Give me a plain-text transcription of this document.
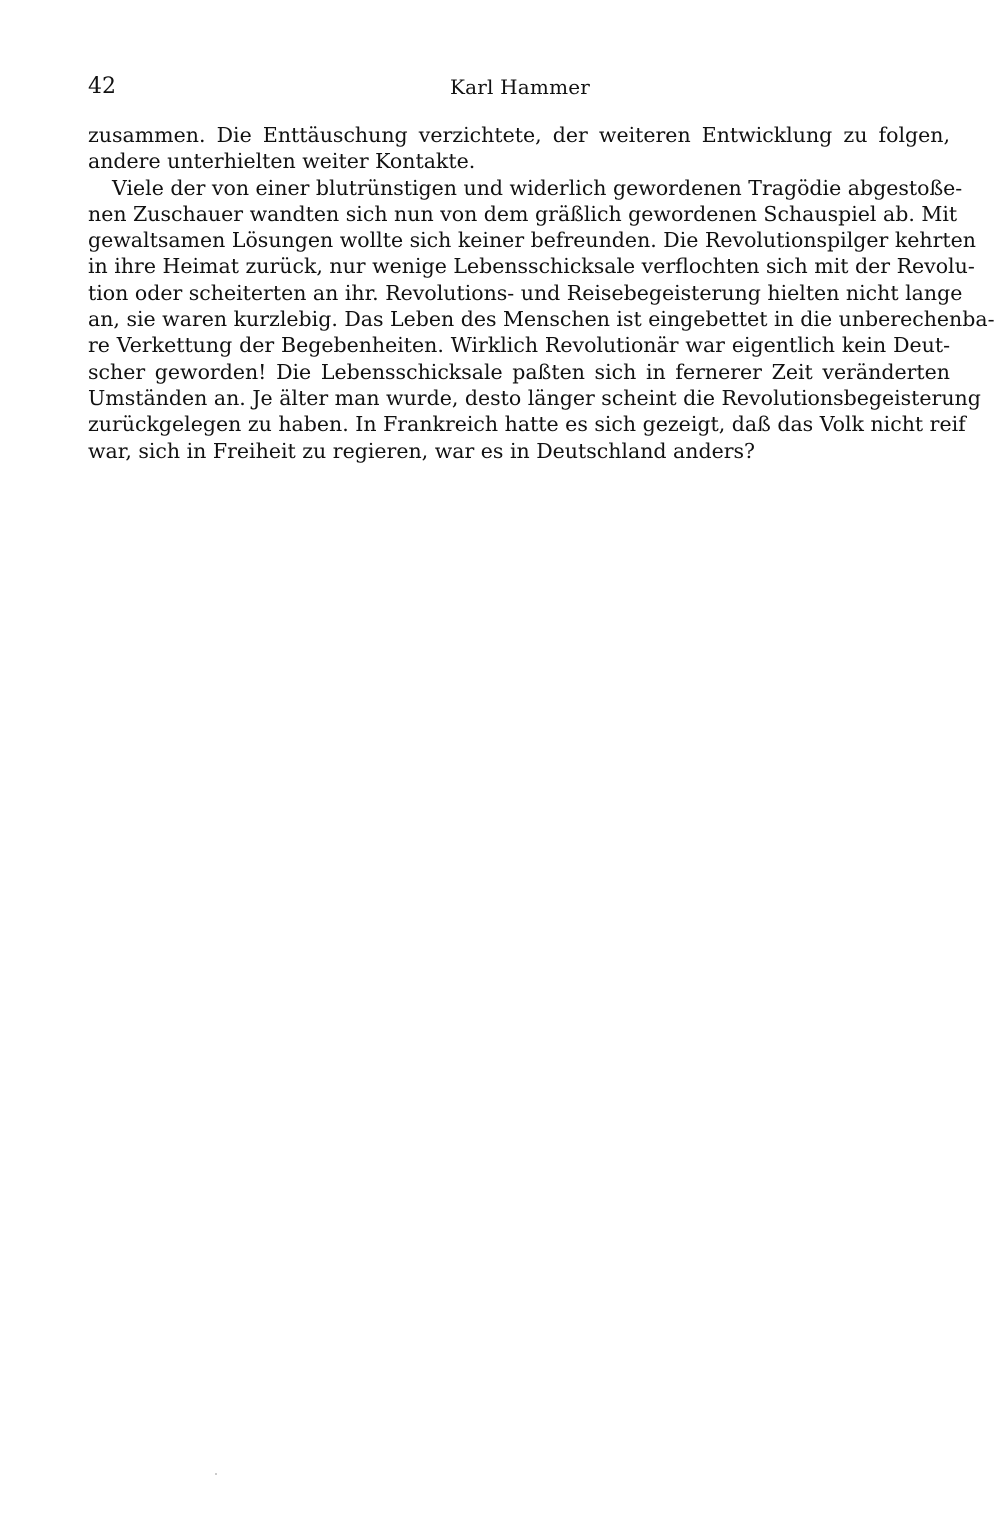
42	Karl Hammer
zusammen. Die Enttäuschung verzichtete, der weiteren Entwicklung zu folgen,
andere unterhielten weiter Kontakte.
Viele der von einer blutrünstigen und widerlich gewordenen Tragödie abgestoße-
nen Zuschauer wandten sich nun von dem gräßlich gewordenen Schauspiel ab. Mit
gewaltsamen Lösungen wollte sich keiner befreunden. Die Revolutionspilger kehrten
in ihre Heimat zurück, nur wenige Lebensschicksale verflochten sich mit der Revolu-
tion oder scheiterten an ihr. Revolutions- und Reisebegeisterung hielten nicht lange
an, sie waren kurzlebig. Das Leben des Menschen ist eingebettet in die unberechenba-
re Verkettung der Begebenheiten. Wirklich Revolutionär war eigentlich kein Deut-
scher geworden! Die Lebensschicksale paßten sich in fernerer Zeit veränderten
Umständen an. Je älter man wurde, desto länger scheint die Revolutionsbegeisterung
zurückgelegen zu haben. In Frankreich hatte es sich gezeigt, daß das Volk nicht reif
war, sich in Freiheit zu regieren, war es in Deutschland anders?
